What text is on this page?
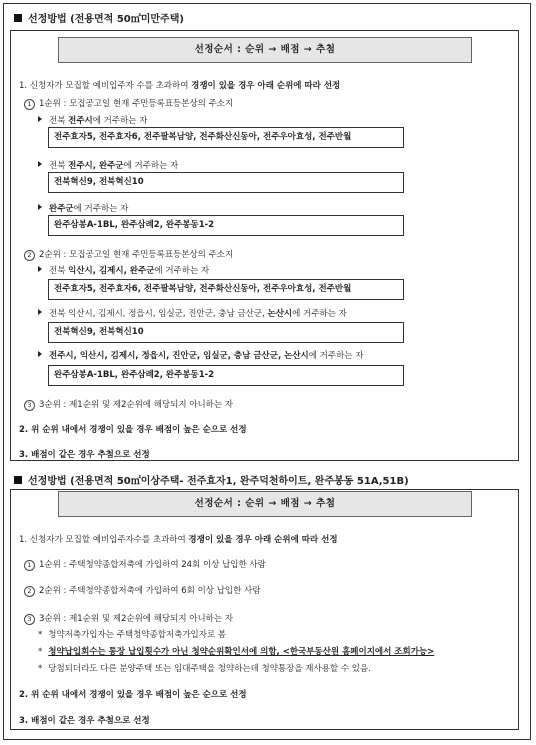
선정방법 (전용면적 50㎡미만주택)
선정순서 : 순위 → 배점 → 추첨
1. 신청자가 모집할 예비입주자 수를 초과하여 경쟁이 있을 경우 아래 순위에 따라 선정
1 1순위 : 모집공고일 현재 주민등록표등본상의 주소지
전북 전주시에 거주하는 자
전주효자5, 전주효자6, 전주팔복남양, 전주화산신동아, 전주우아효성, 전주반월
전북 전주시, 완주군에 거주하는 자
전북혁신9, 전북혁신10
완주군에 거주하는 자
완주삼봉A-1BL, 완주삼례2, 완주봉동1-2
2 2순위 : 모집공고일 현재 주민등록표등본상의 주소지
전북 익산시, 김제시, 완주군에 거주하는 자
전주효자5, 전주효자6, 전주팔복남양, 전주화산신동아, 전주우아효성, 전주반월
전북 익산시, 김제시, 정읍시, 임실군, 진안군, 충남 금산군, 논산시에 거주하는 자
전북혁신9, 전북혁신10
전주시, 익산시, 김제시, 정읍시, 진안군, 임실군, 충남 금산군, 논산시에 거주하는 자
완주삼봉A-1BL, 완주삼례2, 완주봉동1-2
3 3순위 : 제1순위 및 제2순위에 해당되지 아니하는 자
2. 위 순위 내에서 경쟁이 있을 경우 배점이 높은 순으로 선정
3. 배점이 같은 경우 추첨으로 선정
선정방법 (전용면적 50㎡이상주택- 전주효자1, 완주덕천하이트, 완주봉동 51A,51B)
선정순서 : 순위 → 배점 → 추첨
1. 신청자가 모집할 예비입주자수를 초과하여 경쟁이 있을 경우 아래 순위에 따라 선정
1 1순위 : 주택청약종합저축에 가입하여 24회 이상 납입한 사람
2 2순위 : 주택청약종합저축에 가입하여 6회 이상 납입한 사람
3 3순위 : 제1순위 및 제2순위에 해당되지 아니하는 자
* 청약저축가입자는 주택청약종합저축가입자로 봄
* 청약납입회수는 통장 납입횟수가 아닌 청약순위확인서에 의함, <한국부동산원 홈페이지에서 조회가능>
* 당첨되더라도 다른 분양주택 또는 임대주택을 청약하는데 청약통장을 재사용할 수 있음.
2. 위 순위 내에서 경쟁이 있을 경우 배점이 높은 순으로 선정
3. 배점이 같은 경우 추첨으로 선정
